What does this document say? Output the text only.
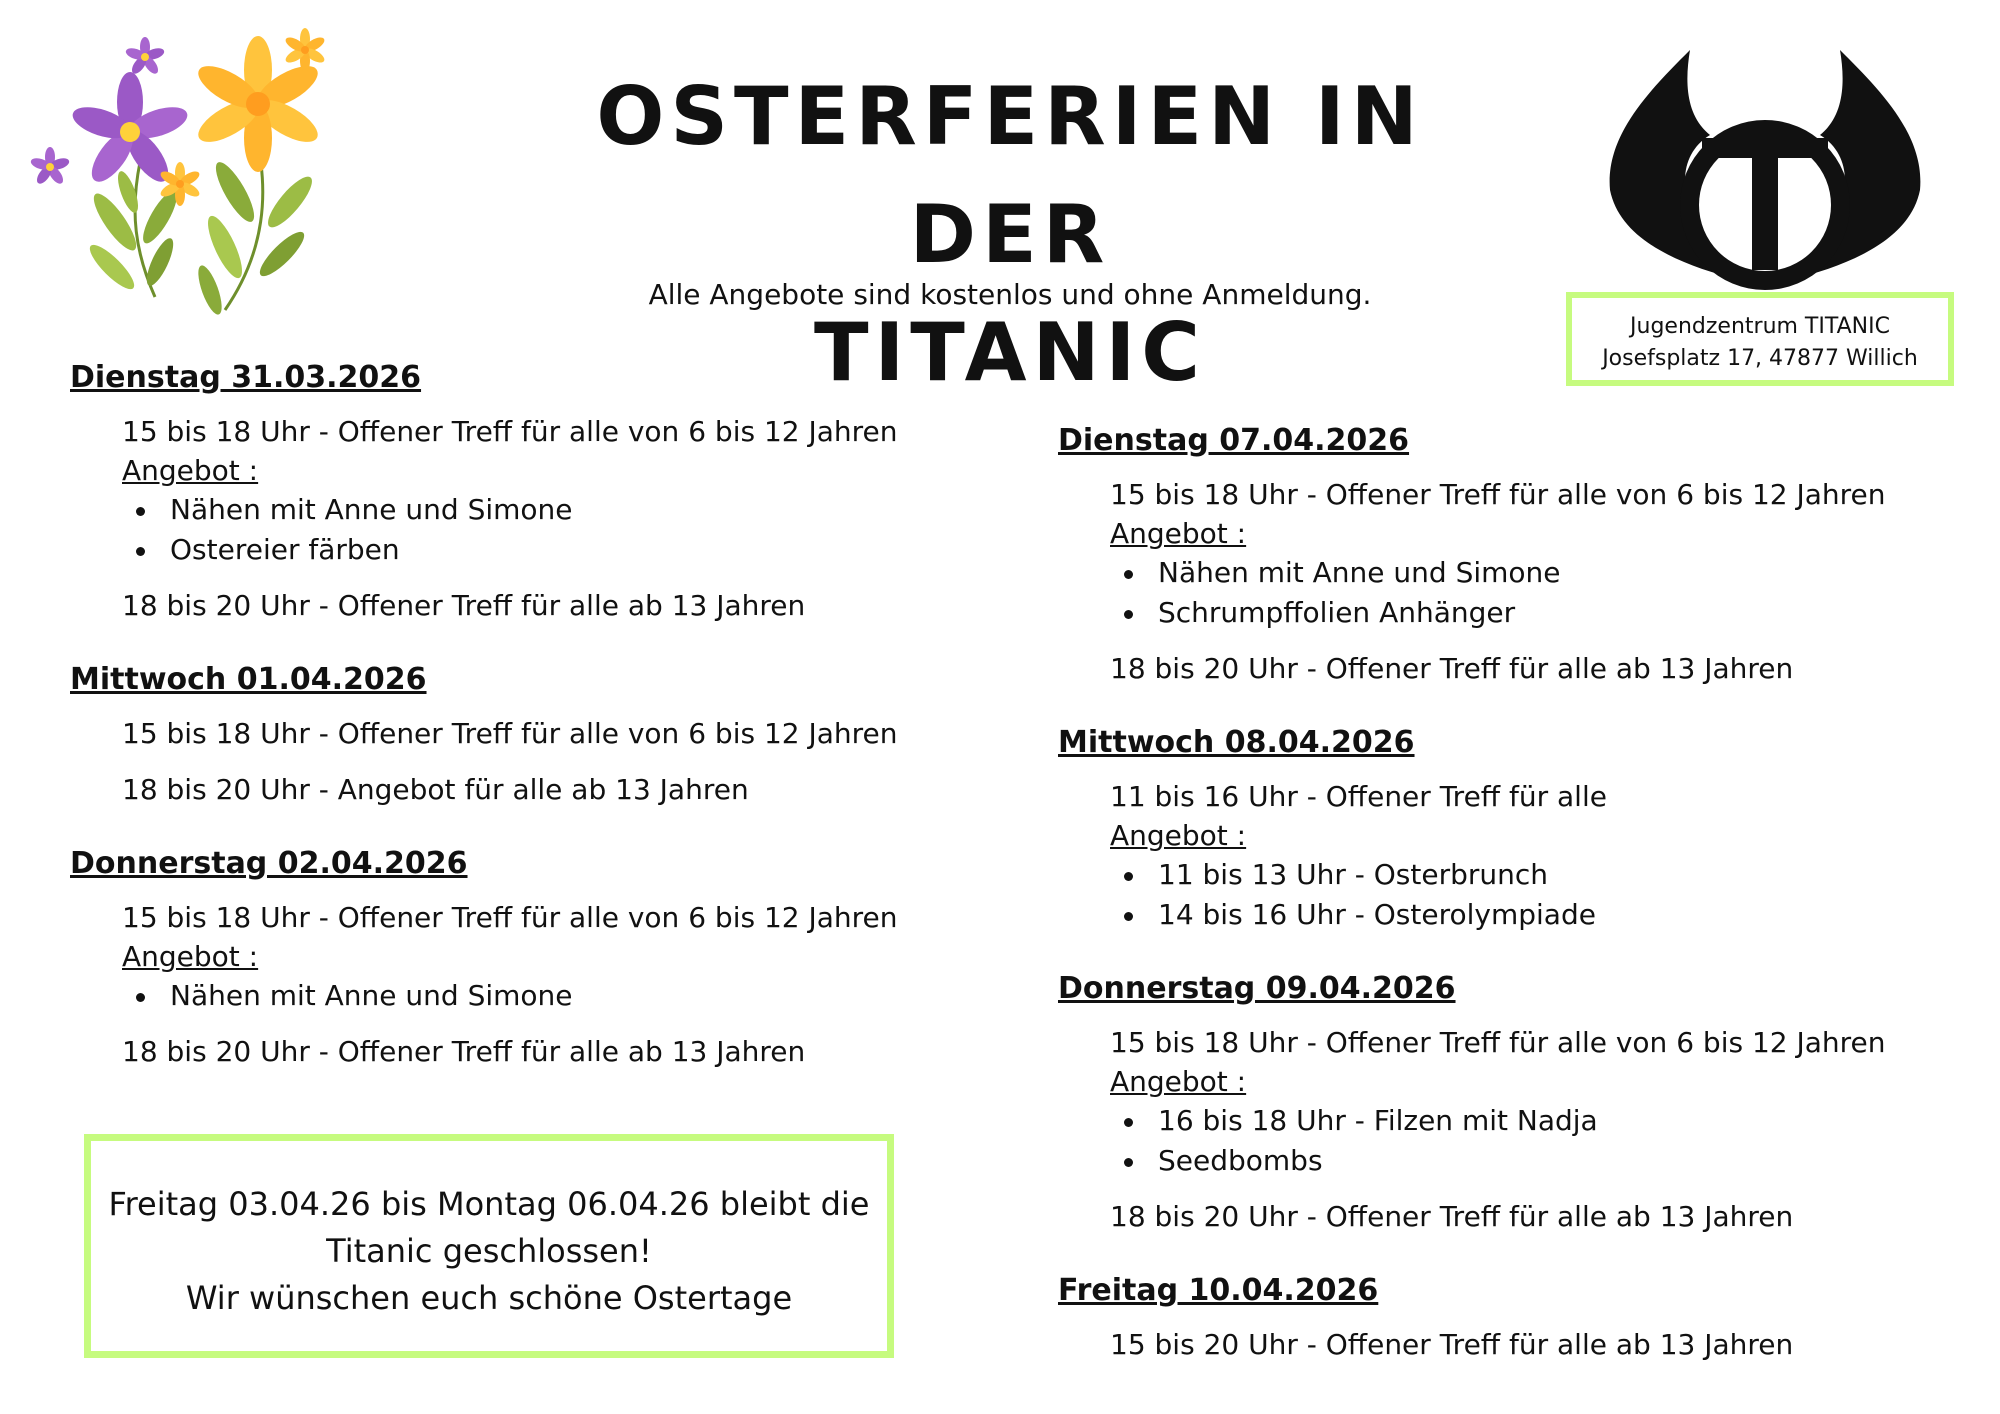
OSTERFERIEN IN DER
TITANIC

Alle Angebote sind kostenlos und ohne Anmeldung.

Jugendzentrum TITANIC
Josefsplatz 17, 47877 Willich
Dienstag 31.03.2026
15 bis 18 Uhr - Offener Treff für alle von 6 bis 12 Jahren
Angebot :
Nähen mit Anne und Simone
Ostereier färben
18 bis 20 Uhr - Offener Treff für alle ab 13 Jahren
Mittwoch 01.04.2026
15 bis 18 Uhr - Offener Treff für alle von 6 bis 12 Jahren
18 bis 20 Uhr - Angebot für alle ab 13 Jahren
Donnerstag 02.04.2026
15 bis 18 Uhr - Offener Treff für alle von 6 bis 12 Jahren
Angebot :
Nähen mit Anne und Simone
18 bis 20 Uhr - Offener Treff für alle ab 13 Jahren
Freitag 03.04.26 bis Montag 06.04.26 bleibt die
Titanic geschlossen!
Wir wünschen euch schöne Ostertage
Dienstag 07.04.2026
15 bis 18 Uhr - Offener Treff für alle von 6 bis 12 Jahren
Angebot :
Nähen mit Anne und Simone
Schrumpffolien Anhänger
18 bis 20 Uhr - Offener Treff für alle ab 13 Jahren
Mittwoch 08.04.2026
11 bis 16 Uhr - Offener Treff für alle
Angebot :
11 bis 13 Uhr - Osterbrunch
14 bis 16 Uhr - Osterolympiade
Donnerstag 09.04.2026
15 bis 18 Uhr - Offener Treff für alle von 6 bis 12 Jahren
Angebot :
16 bis 18 Uhr - Filzen mit Nadja
Seedbombs
18 bis 20 Uhr - Offener Treff für alle ab 13 Jahren
Freitag 10.04.2026
15 bis 20 Uhr - Offener Treff für alle ab 13 Jahren
